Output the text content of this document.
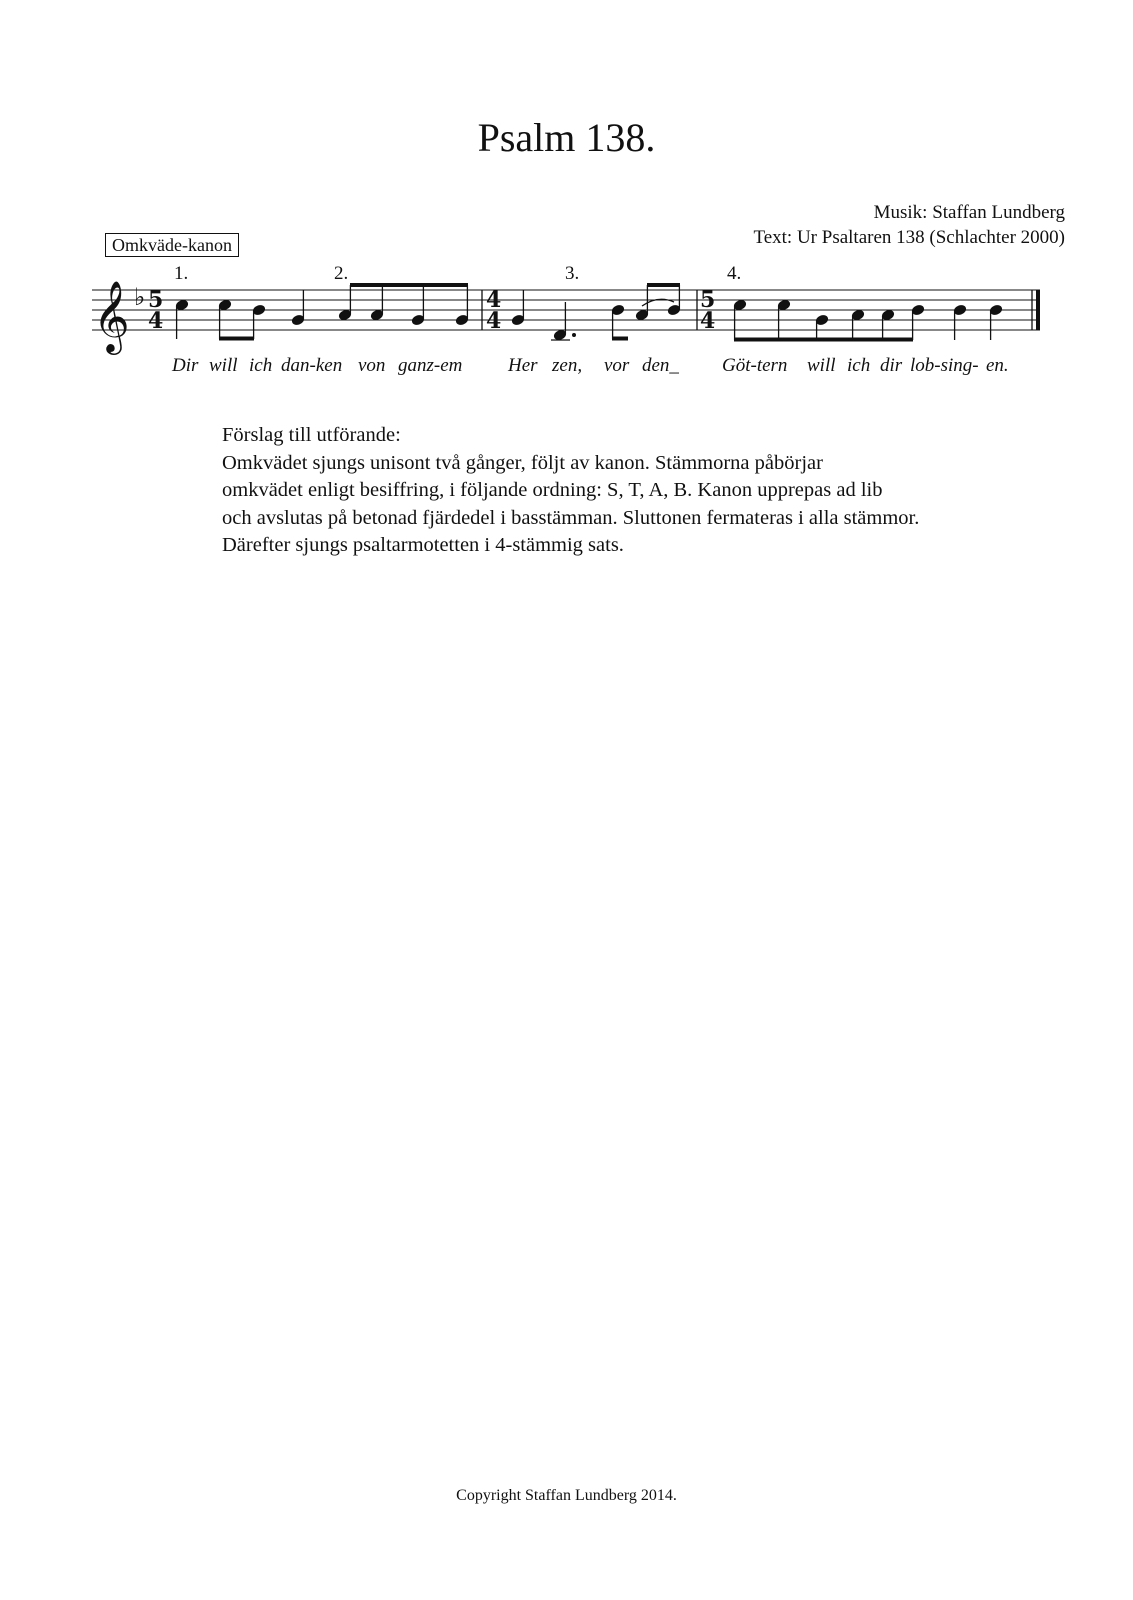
Psalm 138.
Musik: Staffan Lundberg
Text: Ur Psaltaren 138 (Schlachter 2000)
Omkväde-kanon
1.	2.	3.	4.
𝄞 ♭ 5
4
4
4
5
4
Dir will ich dan-ken von ganz-em Her zen, vor den_ Göt-tern will ich dir lob-sing- en.
Förslag till utförande:
Omkvädet sjungs unisont två gånger, följt av kanon. Stämmorna påbörjar
omkvädet enligt besiffring, i följande ordning: S, T, A, B. Kanon upprepas ad lib
och avslutas på betonad fjärdedel i basstämman. Sluttonen fermateras i alla stämmor.
Därefter sjungs psaltarmotetten i 4-stämmig sats.
Copyright Staffan Lundberg 2014.
